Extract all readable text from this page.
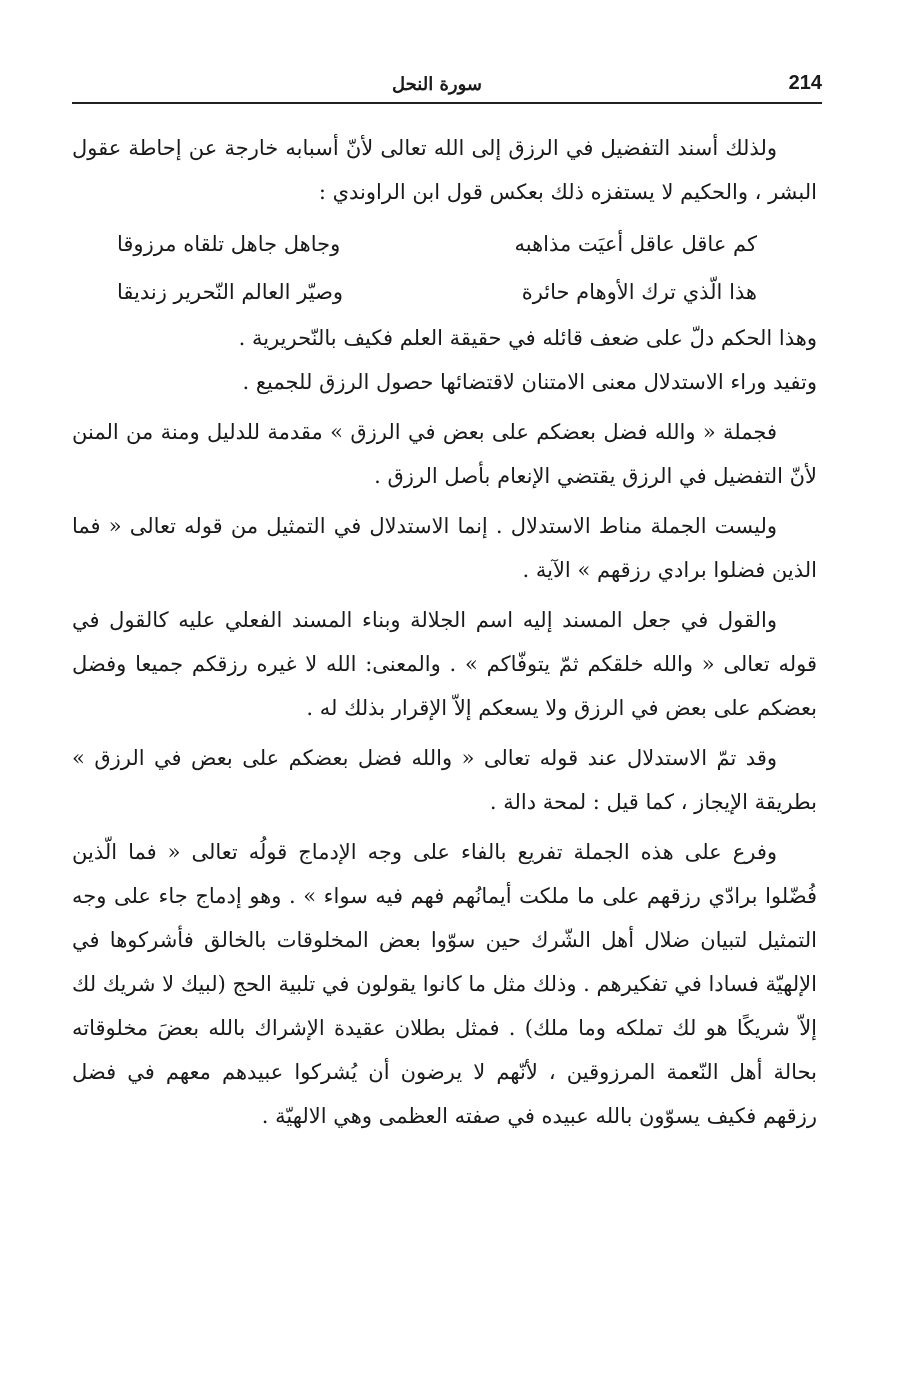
214
سورة النحل

ولذلك أسند التفضيل في الرزق إلى الله تعالى لأنّ أسبابه خارجة عن إحاطة عقول البشر ، والحكيم لا يستفزه ذلك بعكس قول ابن الراوندي :

كم عاقل عاقل أعيَت مذاهبه
وجاهل جاهل تلقاه مرزوقا
هذا الّذي ترك الأوهام حائرة
وصيّر العالم النّحرير زنديقا

وهذا الحكم دلّ على ضعف قائله في حقيقة العلم فكيف بالنّحريرية .

وتفيد وراء الاستدلال معنى الامتنان لاقتضائها حصول الرزق للجميع .

فجملة « والله فضل بعضكم على بعض في الرزق » مقدمة للدليل ومنة من المنن لأنّ التفضيل في الرزق يقتضي الإنعام بأصل الرزق .

وليست الجملة مناط الاستدلال . إنما الاستدلال في التمثيل من قوله تعالى « فما الذين فضلوا برادي رزقهم » الآية .

والقول في جعل المسند إليه اسم الجلالة وبناء المسند الفعلي عليه كالقول في قوله تعالى « والله خلقكم ثمّ يتوفّاكم » . والمعنى: الله لا غيره رزقكم جميعا وفضل بعضكم على بعض في الرزق ولا يسعكم إلاّ الإقرار بذلك له .

وقد تمّ الاستدلال عند قوله تعالى « والله فضل بعضكم على بعض في الرزق » بطريقة الإيجاز ، كما قيل : لمحة دالة .

وفرع على هذه الجملة تفريع بالفاء على وجه الإدماج قولُه تعالى « فما الّذين فُضّلوا برادّي رزقهم على ما ملكت أيمانُهم فهم فيه سواء » . وهو إدماج جاء على وجه التمثيل لتبيان ضلال أهل الشّرك حين سوّوا بعض المخلوقات بالخالق فأشركوها في الإلهيّة فسادا في تفكيرهم . وذلك مثل ما كانوا يقولون في تلبية الحج (لبيك لا شريك لك إلاّ شريكًا هو لك تملكه وما ملك) . فمثل بطلان عقيدة الإشراك بالله بعضَ مخلوقاته بحالة أهل النّعمة المرزوقين ، لأنّهم لا يرضون أن يُشركوا عبيدهم معهم في فضل رزقهم فكيف يسوّون بالله عبيده في صفته العظمى وهي الالهيّة .
